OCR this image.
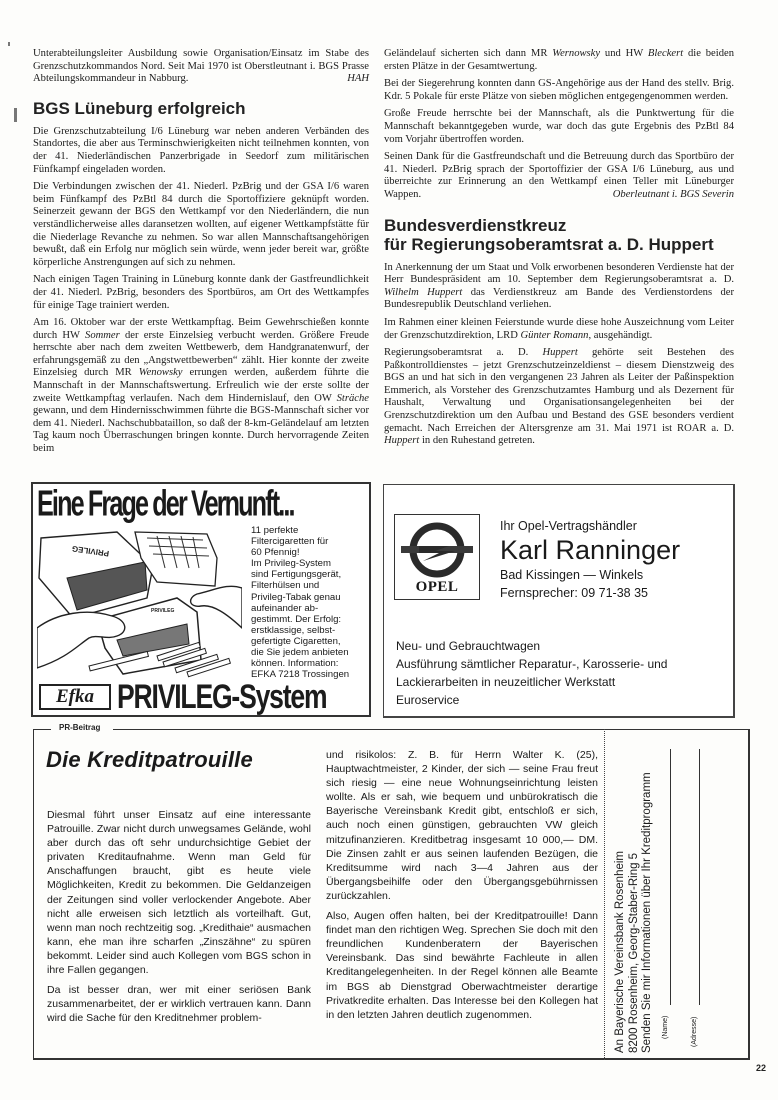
Unterabteilungsleiter Ausbildung sowie Organisation/Einsatz im Stabe des Grenzschutzkommandos Nord. Seit Mai 1970 ist Oberstleutnant i. BGS Prasse Abteilungskommandeur in Nabburg.	HAH

BGS Lüneburg erfolgreich

Die Grenzschutzabteilung I/6 Lüneburg war neben anderen Verbänden des Standortes, die aber aus Terminschwierigkeiten nicht teilnehmen konnten, von der 41. Niederländischen Panzerbrigade in Seedorf zum militärischen Fünfkampf eingeladen worden.

Die Verbindungen zwischen der 41. Niederl. PzBrig und der GSA I/6 waren beim Fünfkampf des PzBtl 84 durch die Sportoffiziere geknüpft worden. Seinerzeit gewann der BGS den Wettkampf vor den Niederländern, die nun verständlicherweise alles daransetzen wollten, auf eigener Wettkampfstätte für die Niederlage Revanche zu nehmen. So war allen Mannschaftsangehörigen bewußt, daß ein Erfolg nur möglich sein würde, wenn jeder bereit war, größte körperliche Anstrengungen auf sich zu nehmen.

Nach einigen Tagen Training in Lüneburg konnte dank der Gastfreundlichkeit der 41. Niederl. PzBrig, besonders des Sportbüros, am Ort des Wettkampfes für einige Tage trainiert werden.

Am 16. Oktober war der erste Wettkampftag. Beim Gewehrschießen konnte durch HW Sommer der erste Einzelsieg verbucht werden. Größere Freude herrschte aber nach dem zweiten Wettbewerb, dem Handgranatenwurf, der erfahrungsgemäß zu den „Angstwettbewerben“ zählt. Hier konnte der zweite Einzelsieg durch MR Wenowsky errungen werden, außerdem führte die Mannschaft in der Mannschaftswertung. Erfreulich wie der erste sollte der zweite Wettkampftag verlaufen. Nach dem Hindernislauf, den OW Sträche gewann, und dem Hindernisschwimmen führte die BGS-Mannschaft sicher vor dem 41. Niederl. Nachschubbataillon, so daß der 8-km-Geländelauf am letzten Tag kaum noch Überraschungen bringen konnte. Durch hervorragende Zeiten beim

Geländelauf sicherten sich dann MR Wernowsky und HW Bleckert die beiden ersten Plätze in der Gesamtwertung.

Bei der Siegerehrung konnten dann GS-Angehörige aus der Hand des stellv. Brig. Kdr. 5 Pokale für erste Plätze von sieben möglichen entgegengenommen werden.

Große Freude herrschte bei der Mannschaft, als die Punktwertung für die Mannschaft bekanntgegeben wurde, war doch das gute Ergebnis des PzBtl 84 vom Vorjahr übertroffen worden.

Seinen Dank für die Gastfreundschaft und die Betreuung durch das Sportbüro der 41. Niederl. PzBrig sprach der Sportoffizier der GSA I/6 Lüneburg, aus und überreichte zur Erinnerung an den Wettkampf einen Teller mit Lüneburger Wappen.	Oberleutnant i. BGS Severin

Bundesverdienstkreuz
für Regierungsoberamtsrat a. D. Huppert

In Anerkennung der um Staat und Volk erworbenen besonderen Verdienste hat der Herr Bundespräsident am 10. September dem Regierungsoberamtsrat a. D. Wilhelm Huppert das Verdienstkreuz am Bande des Verdienstordens der Bundesrepublik Deutschland verliehen.

Im Rahmen einer kleinen Feierstunde wurde diese hohe Auszeichnung vom Leiter der Grenzschutzdirektion, LRD Günter Romann, ausgehändigt.

Regierungsoberamtsrat a. D. Huppert gehörte seit Bestehen des Paßkontrolldienstes – jetzt Grenzschutzeinzeldienst – diesem Dienstzweig des BGS an und hat sich in den vergangenen 23 Jahren als Leiter der Paßinspektion Emmerich, als Vorsteher des Grenzschutzamtes Hamburg und als Dezernent für Haushalt, Verwaltung und Organisationsangelegenheiten bei der Grenzschutzdirektion um den Aufbau und Bestand des GSE besonders verdient gemacht. Nach Erreichen der Altersgrenze am 31. Mai 1971 ist ROAR a. D. Huppert in den Ruhestand getreten.

Eine Frage der Vernunft...
PRIVILEG
PRIVILEG
11 perfekte
Filtercigaretten für
60 Pfennig!
Im Privileg-System
sind Fertigungsgerät,
Filterhülsen und
Privileg-Tabak genau
aufeinander ab-
gestimmt. Der Erfolg:
erstklassige, selbst-
gefertigte Cigaretten,
die Sie jedem anbieten
können. Information:
EFKA 7218 Trossingen
Efka PRIVILEG-System
OPEL
Ihr Opel-Vertragshändler
Karl Ranninger
Bad Kissingen — Winkels
Fernsprecher: 09 71-38 35
Neu- und Gebrauchtwagen
Ausführung sämtlicher Reparatur-, Karosserie- und
Lackierarbeiten in neuzeitlicher Werkstatt
Euroservice
PR-Beitrag
Die Kreditpatrouille

Diesmal führt unser Einsatz auf eine interessante Patrouille. Zwar nicht durch unwegsames Gelände, wohl aber durch das oft sehr undurchsichtige Gebiet der privaten Kreditaufnahme. Wenn man Geld für Anschaffungen braucht, gibt es heute viele Möglichkeiten, Kredit zu bekommen. Die Geldanzeigen der Zeitungen sind voller verlockender Angebote. Aber nicht alle erweisen sich letztlich als vorteilhaft. Gut, wenn man noch rechtzeitig sog. „Kredithaie“ ausmachen kann, ehe man ihre scharfen „Zinszähne“ zu spüren bekommt. Leider sind auch Kollegen vom BGS schon in ihre Fallen gegangen.

Da ist besser dran, wer mit einer seriösen Bank zusammenarbeitet, der er wirklich vertrauen kann. Dann wird die Sache für den Kreditnehmer problem-

und risikolos: Z. B. für Herrn Walter K. (25), Hauptwachtmeister, 2 Kinder, der sich — seine Frau freut sich riesig — eine neue Wohnungseinrichtung leisten wollte. Als er sah, wie bequem und unbürokratisch die Bayerische Vereinsbank Kredit gibt, entschloß er sich, auch noch einen günstigen, gebrauchten VW gleich mitzufinanzieren. Kreditbetrag insgesamt 10 000,— DM. Die Zinsen zahlt er aus seinen laufenden Bezügen, die Kreditsumme wird nach 3—4 Jahren aus der Übergangsbeihilfe oder den Übergangsgebührnissen zurückzahlen.

Also, Augen offen halten, bei der Kreditpatrouille! Dann findet man den richtigen Weg. Sprechen Sie doch mit den freundlichen Kundenberatern der Bayerischen Vereinsbank. Das sind bewährte Fachleute in allen Kreditangelegenheiten. In der Regel können alle Beamte im BGS ab Dienstgrad Oberwachtmeister derartige Privatkredite erhalten. Das Interesse bei den Kollegen hat in den letzten Jahren deutlich zugenommen.	An Bayerische Vereinsbank Rosenheim 8200 Rosenheim, Georg-Staber-Ring 5 Senden Sie mir Informationen über Ihr Kreditprogramm (Name)	(Adresse)
22
